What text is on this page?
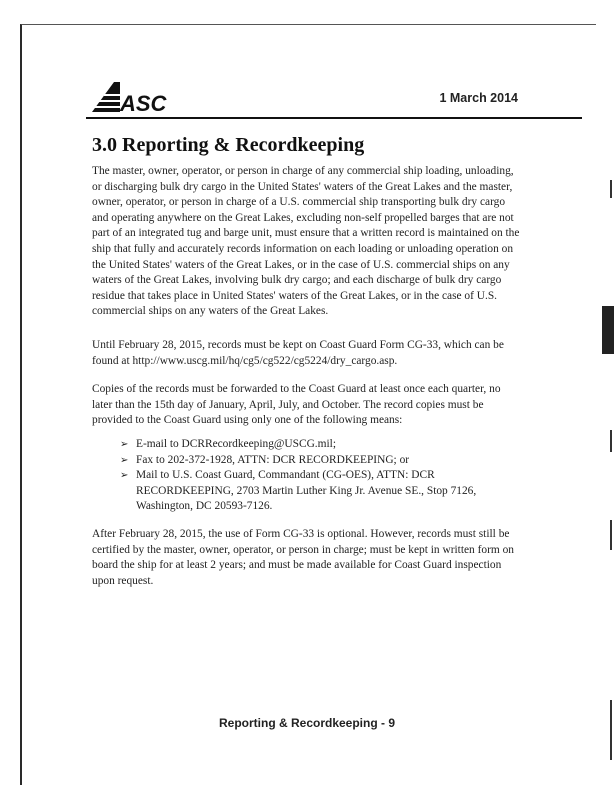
ASC	1 March 2014
3.0 Reporting & Recordkeeping

The master, owner, operator, or person in charge of any commercial ship loading, unloading, or discharging bulk dry cargo in the United States' waters of the Great Lakes and the master, owner, operator, or person in charge of a U.S. commercial ship transporting bulk dry cargo and operating anywhere on the Great Lakes, excluding non-self propelled barges that are not part of an integrated tug and barge unit, must ensure that a written record is maintained on the ship that fully and accurately records information on each loading or unloading operation on the United States' waters of the Great Lakes, or in the case of U.S. commercial ships on any waters of the Great Lakes, involving bulk dry cargo; and each discharge of bulk dry cargo residue that takes place in United States' waters of the Great Lakes, or in the case of U.S. commercial ships on any waters of the Great Lakes.

Until February 28, 2015, records must be kept on Coast Guard Form CG-33, which can be found at http://www.uscg.mil/hq/cg5/cg522/cg5224/dry_cargo.asp.

Copies of the records must be forwarded to the Coast Guard at least once each quarter, no later than the 15th day of January, April, July, and October. The record copies must be provided to the Coast Guard using only one of the following means:

➢ E-mail to DCRRecordkeeping@USCG.mil;
➢ Fax to 202-372-1928, ATTN: DCR RECORDKEEPING; or
➢ Mail to U.S. Coast Guard, Commandant (CG-OES), ATTN: DCR RECORDKEEPING, 2703 Martin Luther King Jr. Avenue SE., Stop 7126, Washington, DC 20593-7126.

After February 28, 2015, the use of Form CG-33 is optional. However, records must still be certified by the master, owner, operator, or person in charge; must be kept in written form on board the ship for at least 2 years; and must be made available for Coast Guard inspection upon request.

Reporting & Recordkeeping - 9
